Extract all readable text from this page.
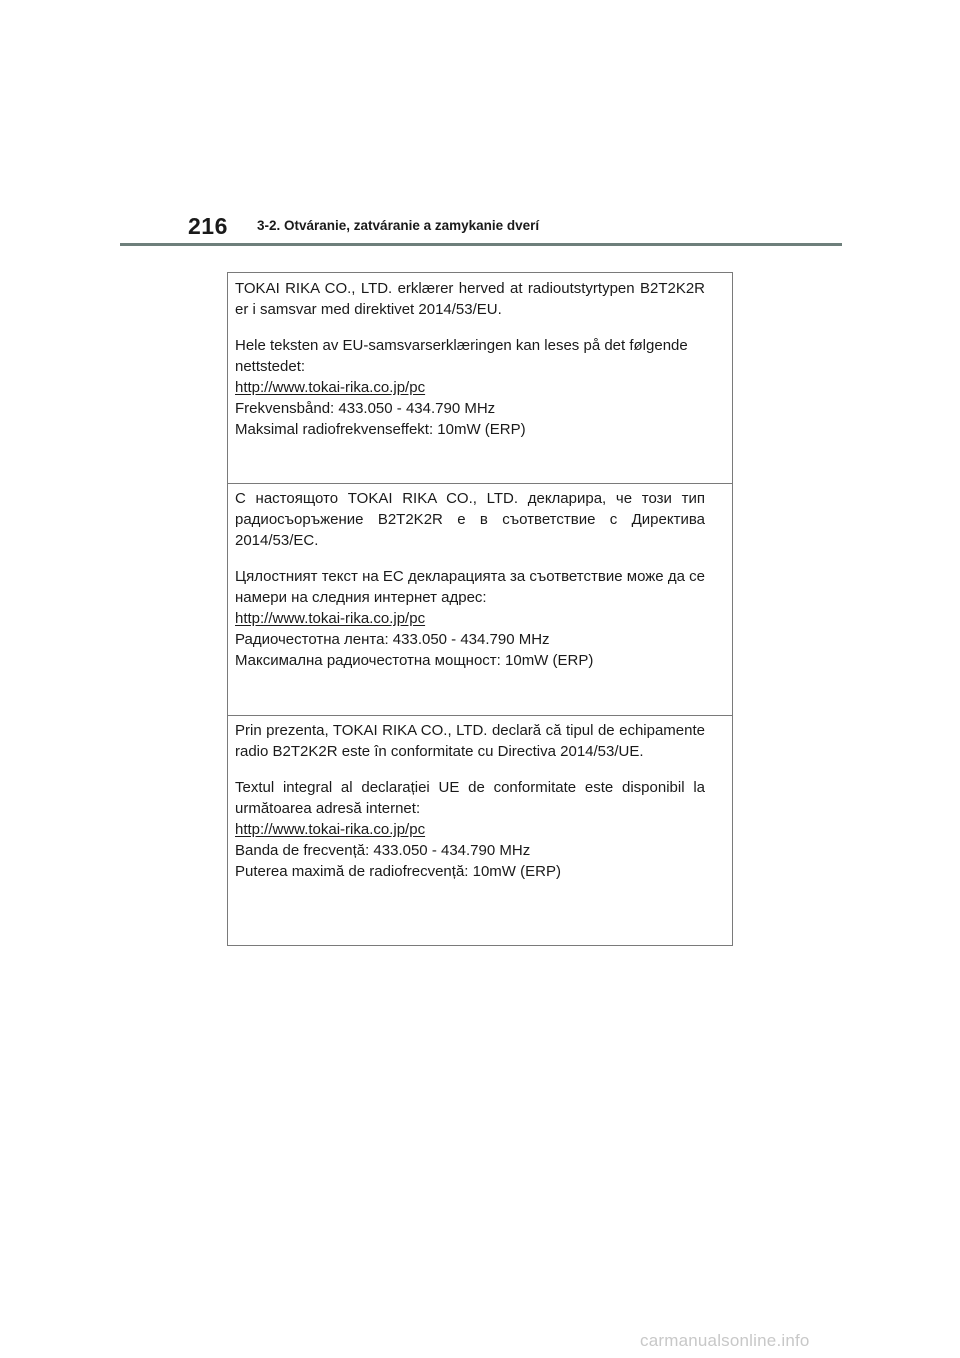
216 3-2. Otváranie, zatváranie a zamykanie dverí

TOKAI RIKA CO., LTD. erklærer herved at radioutstyrtypen B2T2K2R er i samsvar med direktivet 2014/53/EU.

Hele teksten av EU-samsvarserklæringen kan leses på det følgende nettstedet:

http://www.tokai-rika.co.jp/pc

Frekvensbånd: 433.050 - 434.790 MHz

Maksimal radiofrekvenseffekt: 10mW (ERP)

С настоящото TOKAI RIKA CO., LTD. декларира, че този тип радиосъоръжение B2T2K2R е в съответствие с Директива 2014/53/ЕС.

Цялостният текст на ЕС декларацията за съответствие може да се намери на следния интернет адрес:

http://www.tokai-rika.co.jp/pc

Радиочестотна лента: 433.050 - 434.790 MHz

Максимална радиочестотна мощност: 10mW (ERP)

Prin prezenta, TOKAI RIKA CO., LTD. declară că tipul de echipamente radio B2T2K2R este în conformitate cu Directiva 2014/53/UE.

Textul integral al declarației UE de conformitate este disponibil la următoarea adresă internet:

http://www.tokai-rika.co.jp/pc

Banda de frecvență: 433.050 - 434.790 MHz

Puterea maximă de radiofrecvență: 10mW (ERP)

carmanualsonline.info
